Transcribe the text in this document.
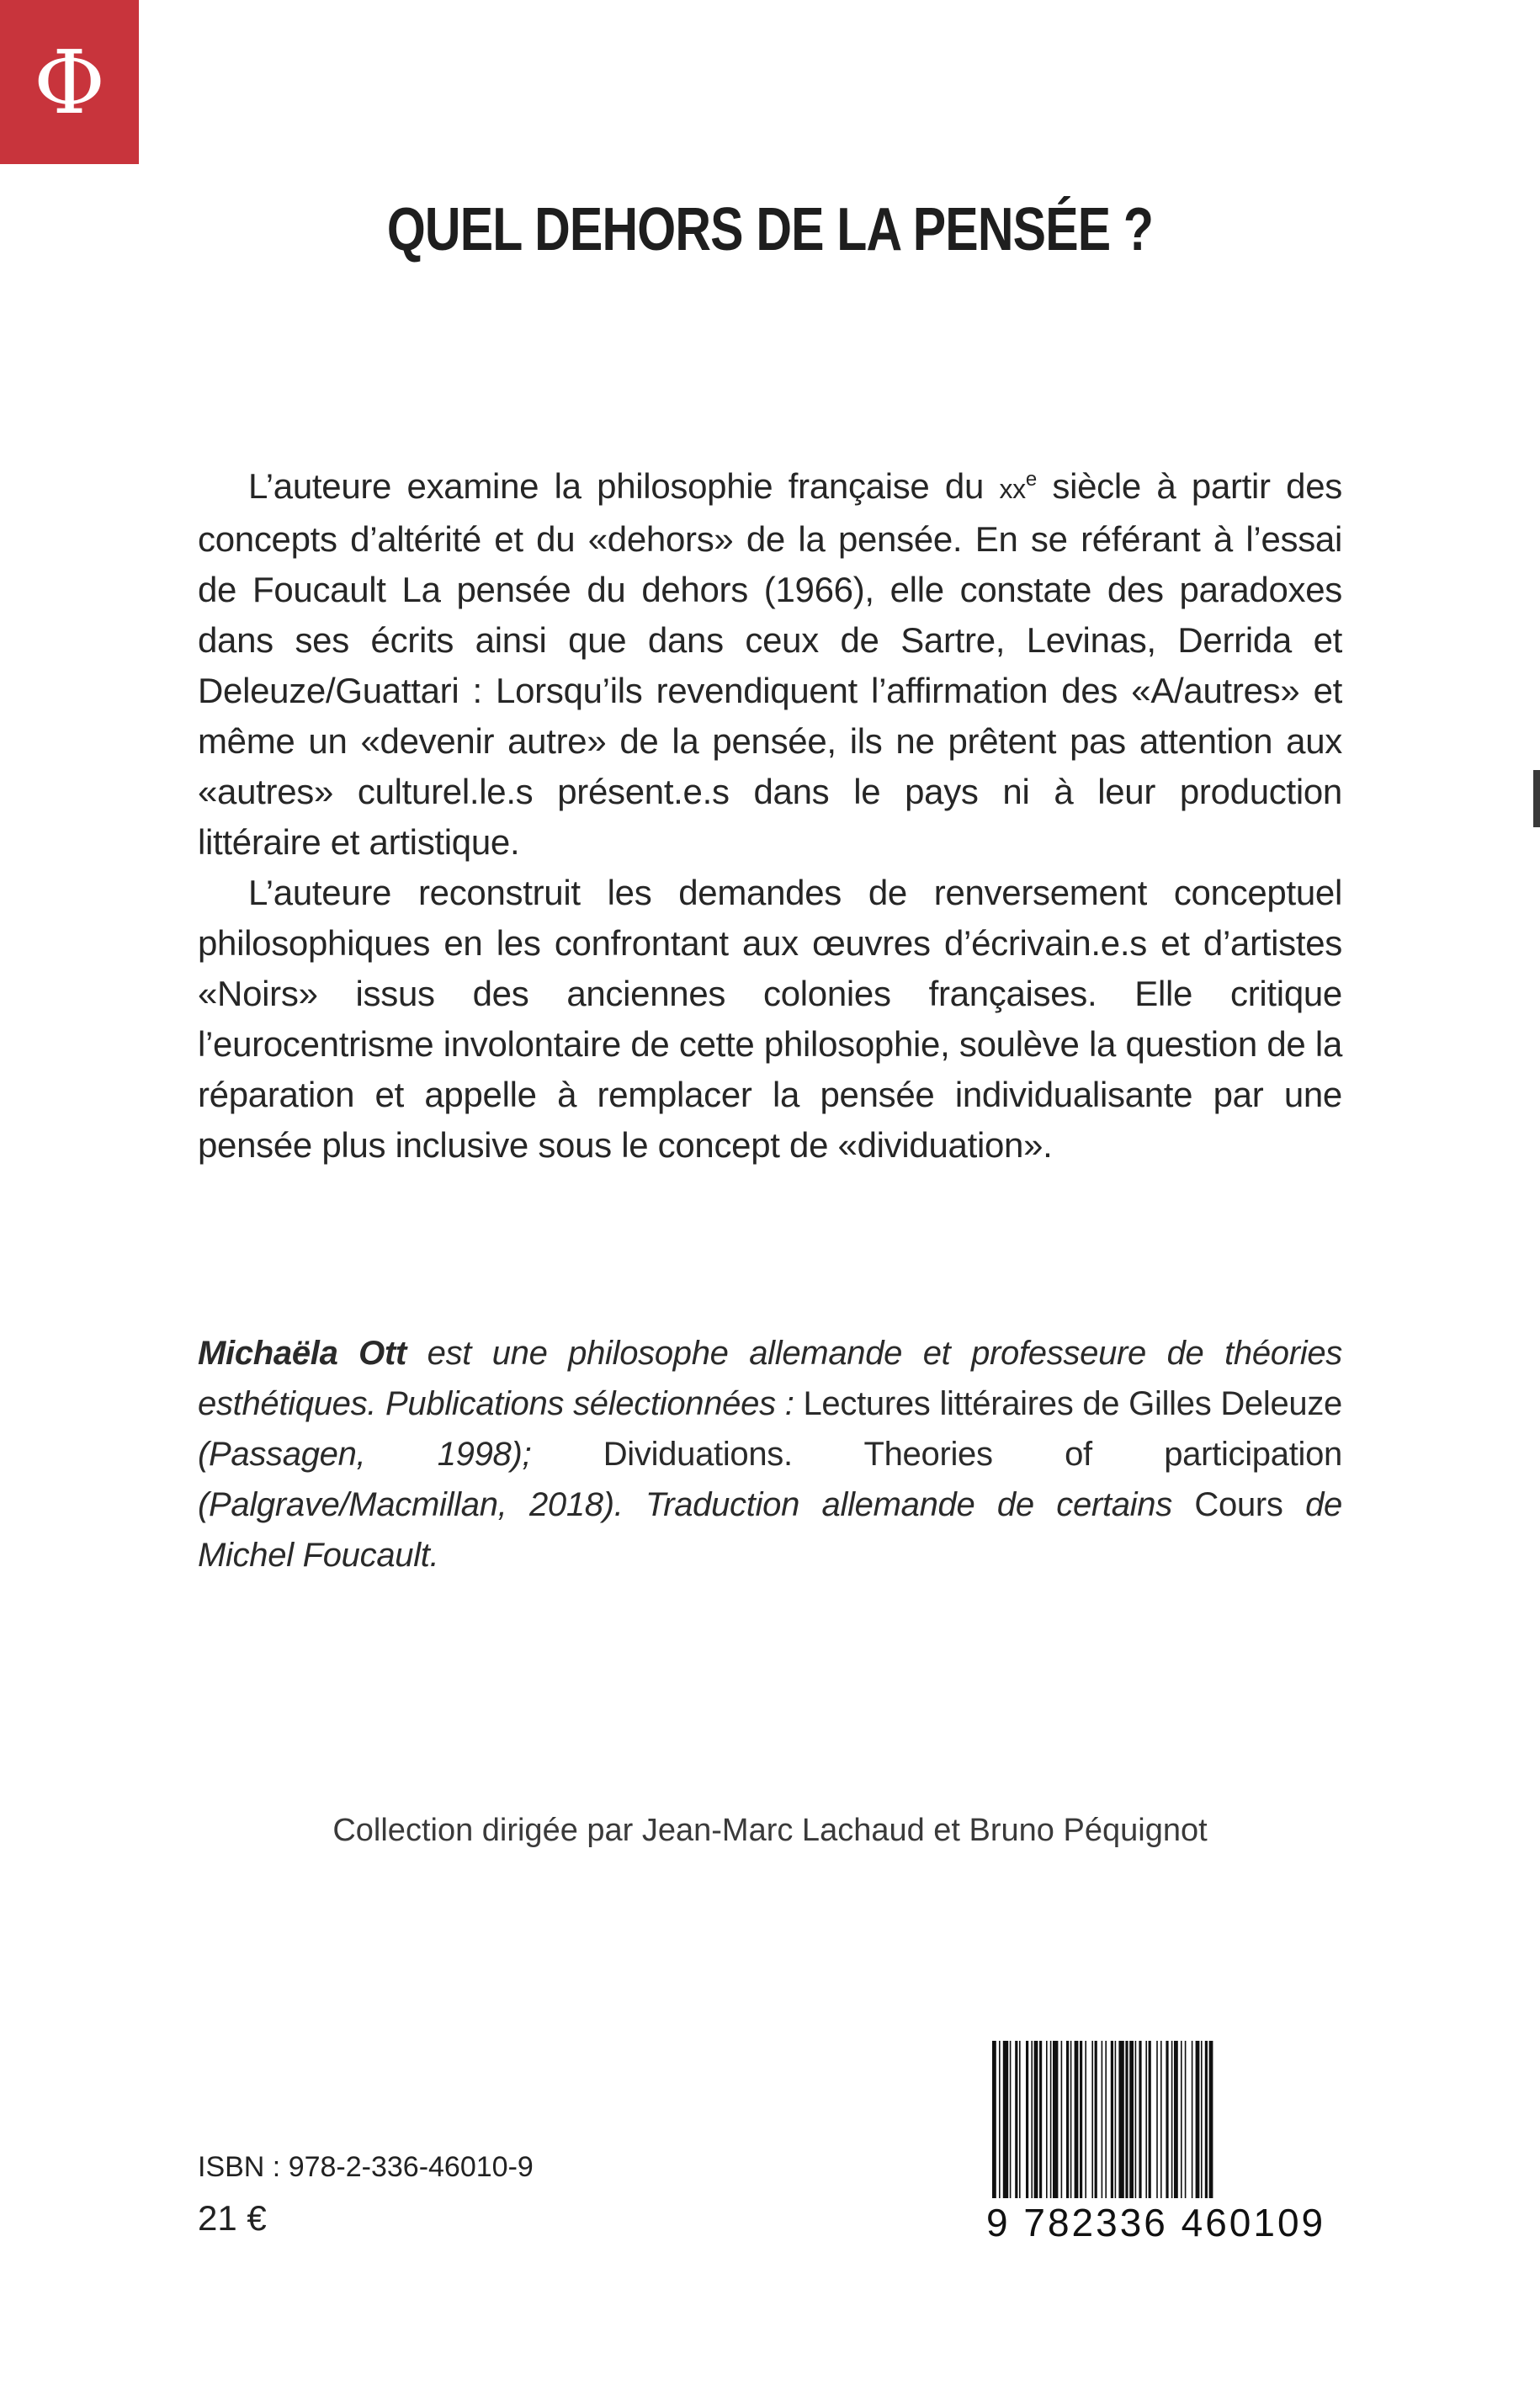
Φ
QUEL DEHORS DE LA PENSÉE ?

L’auteure examine la philosophie française du $xx^e$ siècle à partir des concepts d’altérité et du «dehors» de la pensée. En se référant à l’essai de Foucault La pensée du dehors (1966), elle constate des paradoxes dans ses écrits ainsi que dans ceux de Sartre, Levinas, Derrida et Deleuze/Guattari : Lorsqu’ils revendiquent l’affirmation des «A/autres» et même un «devenir autre» de la pensée, ils ne prêtent pas attention aux «autres» culturel.le.s présent.e.s dans le pays ni à leur production littéraire et artistique.

L’auteure reconstruit les demandes de renversement conceptuel philosophiques en les confrontant aux œuvres d’écrivain.e.s et d’artistes «Noirs» issus des anciennes colonies françaises. Elle critique l’eurocentrisme involontaire de cette philosophie, soulève la question de la réparation et appelle à remplacer la pensée individualisante par une pensée plus inclusive sous le concept de «dividuation».

Michaëla Ott est une philosophe allemande et professeure de théories esthétiques. Publications sélectionnées : Lectures littéraires de Gilles Deleuze (Passagen, 1998); Dividuations. Theories of participation (Palgrave/Macmillan, 2018). Traduction allemande de certains Cours de Michel Foucault.
Collection dirigée par Jean-Marc Lachaud et Bruno Péquignot
ISBN : 978-2-336-46010-9
21 €	9 782336 460109
